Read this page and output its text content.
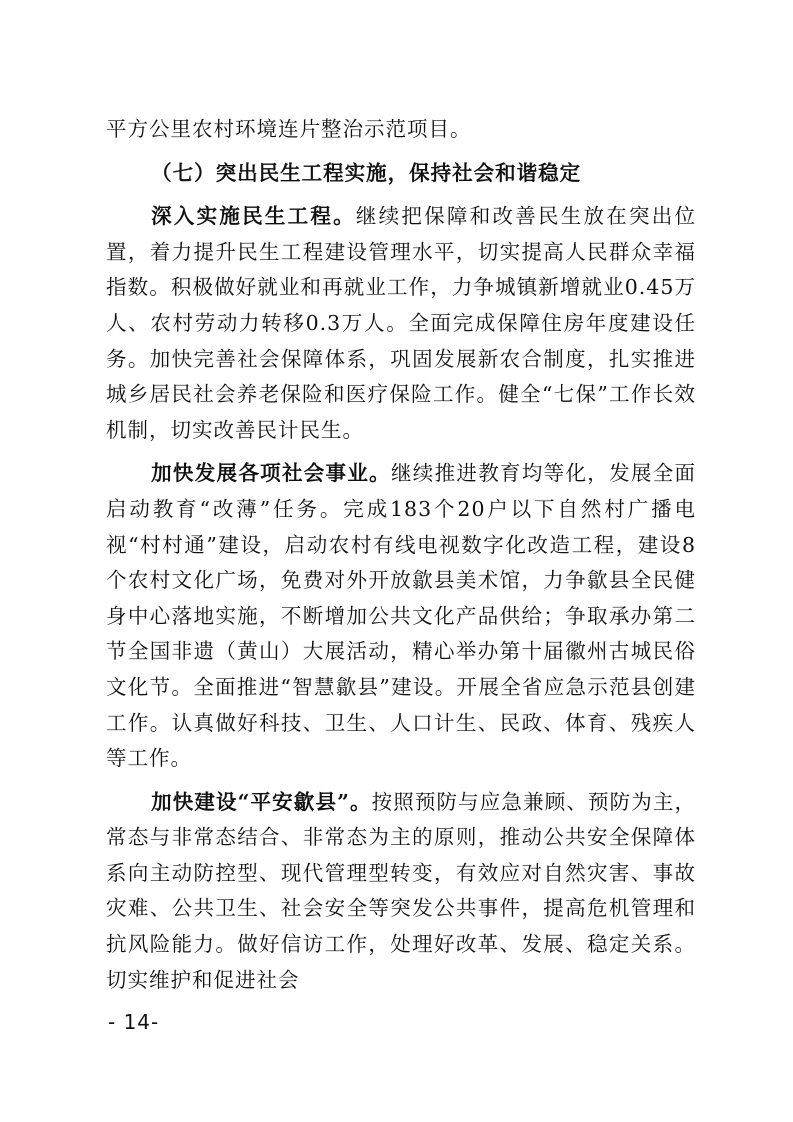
平方公里农村环境连片整治示范项目。

（七）突出民生工程实施，保持社会和谐稳定

深入实施民生工程。继续把保障和改善民生放在突出位置，着力提升民生工程建设管理水平，切实提高人民群众幸福指数。积极做好就业和再就业工作，力争城镇新增就业0.45万人、农村劳动力转移0.3万人。全面完成保障住房年度建设任务。加快完善社会保障体系，巩固发展新农合制度，扎实推进城乡居民社会养老保险和医疗保险工作。健全“七保”工作长效机制，切实改善民计民生。

加快发展各项社会事业。继续推进教育均等化，发展全面启动教育“改薄”任务。完成183个20户以下自然村广播电视“村村通”建设，启动农村有线电视数字化改造工程，建设8个农村文化广场，免费对外开放歙县美术馆，力争歙县全民健身中心落地实施，不断增加公共文化产品供给；争取承办第二节全国非遗（黄山）大展活动，精心举办第十届徽州古城民俗文化节。全面推进“智慧歙县”建设。开展全省应急示范县创建工作。认真做好科技、卫生、人口计生、民政、体育、残疾人等工作。

加快建设“平安歙县”。按照预防与应急兼顾、预防为主，常态与非常态结合、非常态为主的原则，推动公共安全保障体系向主动防控型、现代管理型转变，有效应对自然灾害、事故灾难、公共卫生、社会安全等突发公共事件，提高危机管理和抗风险能力。做好信访工作，处理好改革、发展、稳定关系。切实维护和促进社会

- 14-
